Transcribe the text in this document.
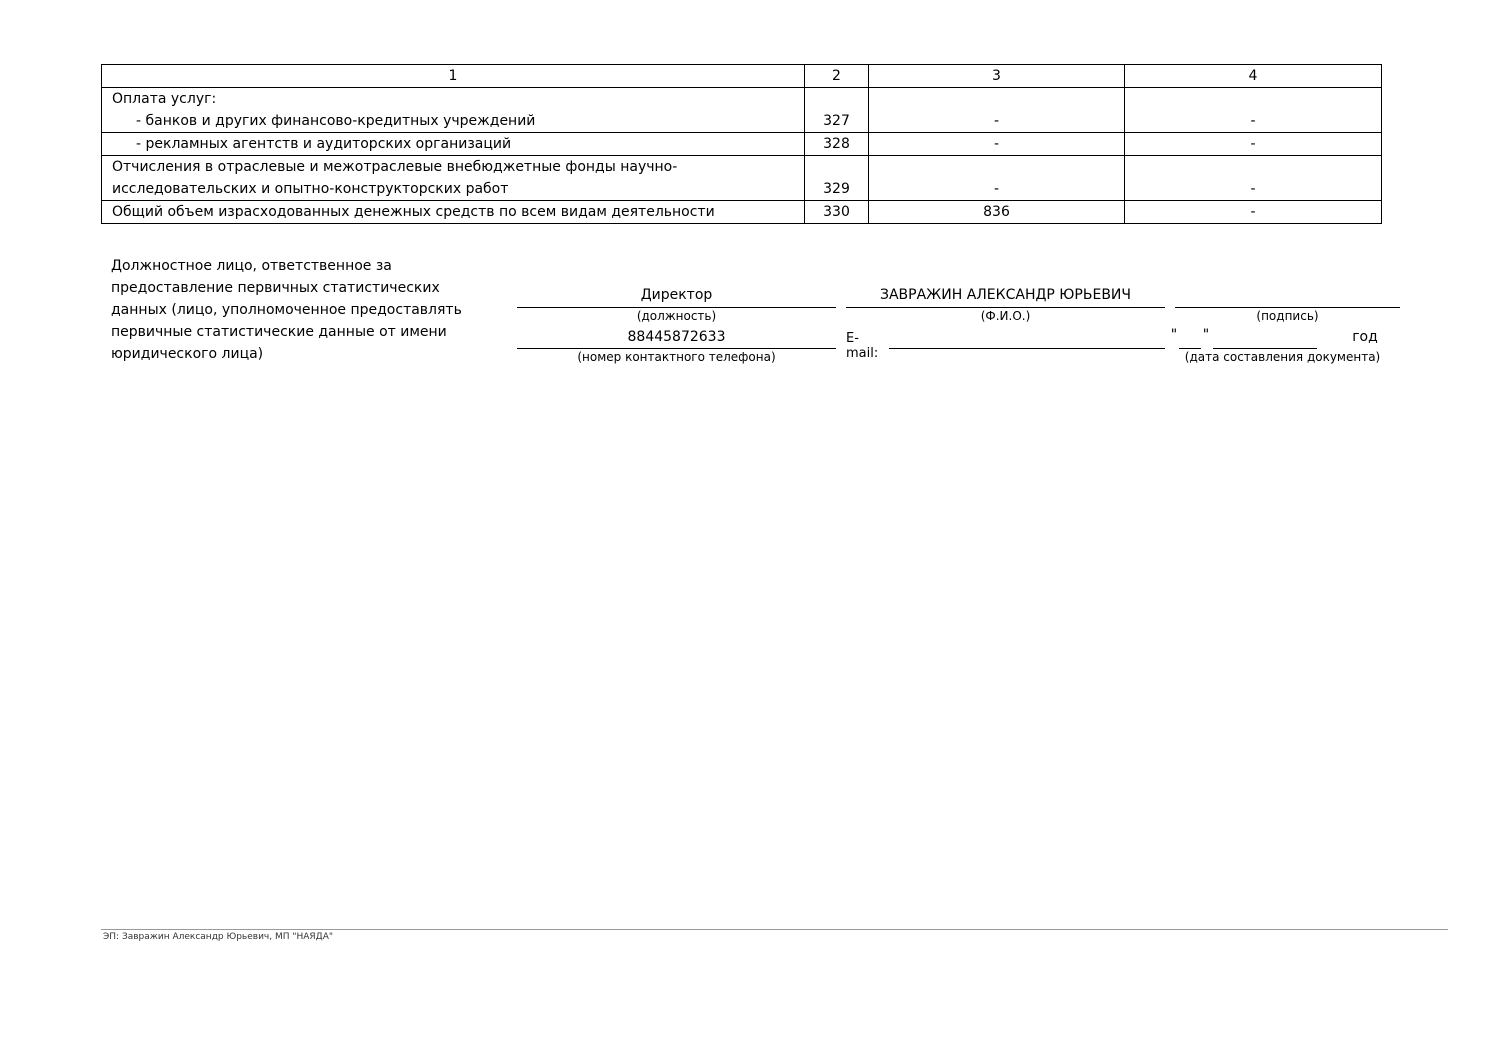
1	2	3	4

Оплата услуг:
- банков и других финансово-кредитных учреждений	327	-	-

- рекламных агентств и аудиторских организаций	328	-	-

Отчисления в отраслевые и межотраслевые внебюджетные фонды научно-
исследовательских и опытно-конструкторских работ	329	-	-

Общий объем израсходованных денежных средств по всем видам деятельности	330	836	-
Должностное лицо, ответственное за
предоставление первичных статистических
данных (лицо, уполномоченное предоставлять
первичные статистические данные от имени
юридического лица)
Директор
(должность)
ЗАВРАЖИН АЛЕКСАНДР ЮРЬЕВИЧ
(Ф.И.О.)	(подпись)
88445872633
(номер контактного телефона)
E-mail:
" "	год
(дата составления документа)
ЭП: Завражин Александр Юрьевич, МП "НАЯДА"
